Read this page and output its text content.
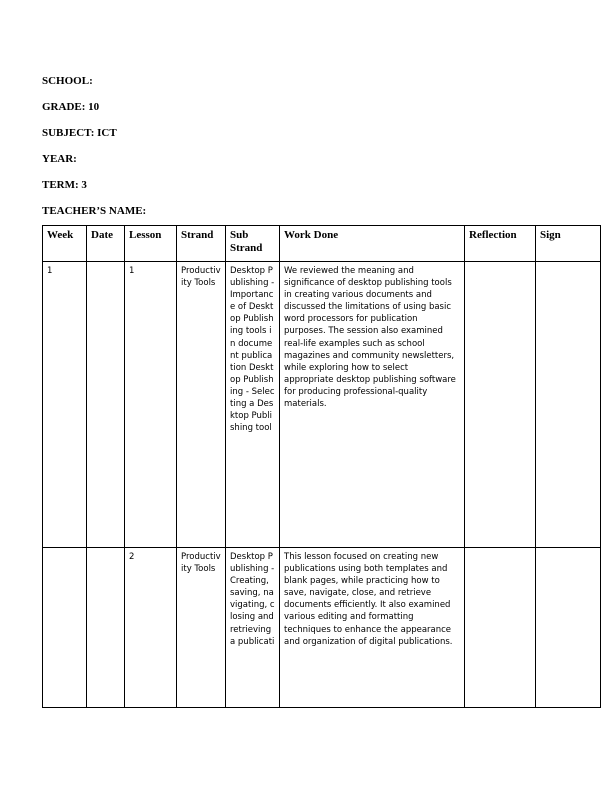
SCHOOL:
GRADE: 10
SUBJECT: ICT
YEAR:
TERM: 3
TEACHER’S NAME:
Week	Date	Lesson	Strand	Sub Strand	Work Done	Reflection	Sign
1		1	Productivity Tools	Desktop Publishing - Importance of Desktop Publishing tools in document publication Desktop Publishing - Selecting a Desktop Publishing tool	We reviewed the meaning and significance of desktop publishing tools in creating various documents and discussed the limitations of using basic word processors for publication purposes. The session also examined real-life examples such as school magazines and community newsletters, while exploring how to select appropriate desktop publishing software for producing professional-quality materials.		
		2	Productivity Tools	Desktop Publishing - Creating, saving, navigating, closing and retrieving a publicati	This lesson focused on creating new publications using both templates and blank pages, while practicing how to save, navigate, close, and retrieve documents efficiently. It also examined various editing and formatting techniques to enhance the appearance and organization of digital publications.		
